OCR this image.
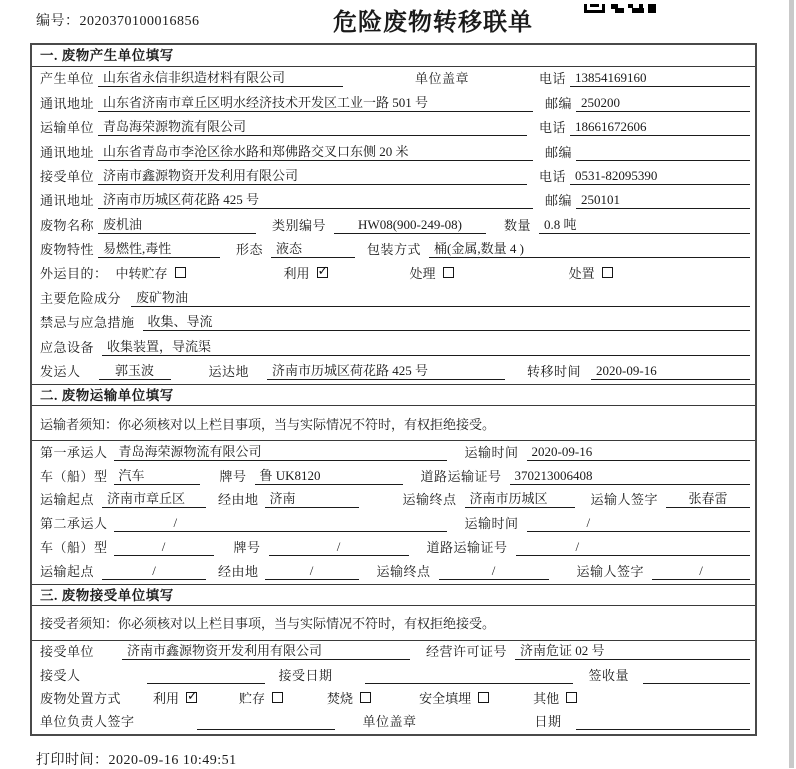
编号：2020370100016856	危险废物转移联单
一. 废物产生单位填写
产生单位 山东省永信非织造材料有限公司	单位盖章	电话 13854169160
通讯地址 山东省济南市章丘区明水经济技术开发区工业一路 501 号	邮编 250200
运输单位 青岛海荣源物流有限公司	电话 18661672606
通讯地址 山东省青岛市李沧区徐水路和郑佛路交叉口东侧 20 米	邮编
接受单位 济南市鑫源物资开发利用有限公司	电话 0531-82095390
通讯地址 济南市历城区荷花路 425 号	邮编 250101
废物名称 废机油	类别编号	HW08(900-249-08)	数量	0.8 吨
废物特性 易燃性,毒性	形态	液态	包装方式	桶(金属,数量 4 )
外运目的： 中转贮存	利用 ✓	处理	处置
主要危险成分	废矿物油
禁忌与应急措施	收集、导流
应急设备	收集装置，导流渠
发运人	郭玉波	运达地	济南市历城区荷花路 425 号	转移时间	2020-09-16
二. 废物运输单位填写
运输者须知：你必须核对以上栏目事项，当与实际情况不符时，有权拒绝接受。
第一承运人 青岛海荣源物流有限公司	运输时间	2020-09-16
车（船）型 汽车	牌号	鲁 UK8120	道路运输证号	370213006408
运输起点	济南市章丘区	经由地 济南	运输终点	济南市历城区	运输人签字	张春雷
第二承运人	/	运输时间	/
车（船）型	/	牌号	/	道路运输证号	/
运输起点	/	经由地	/	运输终点	/	运输人签字	/
三. 废物接受单位填写
接受者须知：你必须核对以上栏目事项，当与实际情况不符时，有权拒绝接受。
接受单位	济南市鑫源物资开发利用有限公司	经营许可证号	济南危证 02 号
接受人	接受日期	签收量
废物处置方式 利用 ✓	贮存	焚烧	安全填埋	其他
单位负责人签字	单位盖章	日期
打印时间：2020-09-16 10:49:51
